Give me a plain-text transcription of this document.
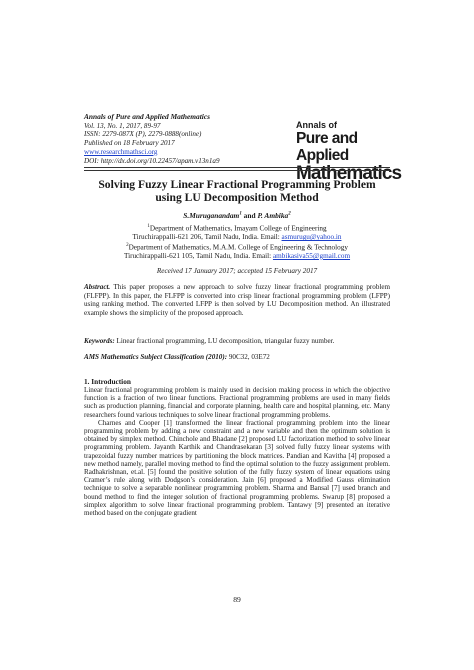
Annals of Pure and Applied Mathematics
Vol. 13, No. 1, 2017, 89-97
ISSN: 2279-087X (P), 2279-0888(online)
Published on 18 February 2017
www.researchmathsci.org
DOI: http://dx.doi.org/10.22457/apam.v13n1a9
Annals of
Pure and Applied
Mathematics
Solving Fuzzy Linear Fractional Programming Problem
using LU Decomposition Method
S.Muruganandam$^1$ and P. Ambika$^2$
$^1$Department of Mathematics, Imayam College of Engineering
Tiruchirappalli-621 206, Tamil Nadu, India. Email: asmurugu@yahoo.in
$^2$Department of Mathematics, M.A.M. College of Engineering & Technology
Tiruchirappalli-621 105, Tamil Nadu, India. Email: ambikasiva55@gmail.com
Received 17 January 2017; accepted 15 February 2017
Abstract. This paper proposes a new approach to solve fuzzy linear fractional programming problem (FLFPP). In this paper, the FLFPP is converted into crisp linear fractional programming problem (LFPP) using ranking method. The converted LFPP is then solved by LU Decomposition method. An illustrated example shows the simplicity of the proposed approach.
Keywords: Linear fractional programming, LU decomposition, triangular fuzzy number.
AMS Mathematics Subject Classification (2010): 90C32, 03E72
1. Introduction

Linear fractional programming problem is mainly used in decision making process in which the objective function is a fraction of two linear functions. Fractional programming problems are used in many fields such as production planning, financial and corporate planning, health care and hospital planning, etc. Many researchers found various techniques to solve linear fractional programming problems.

Charnes and Cooper [1] transformed the linear fractional programming problem into the linear programming problem by adding a new constraint and a new variable and then the optimum solution is obtained by simplex method. Chinchole and Bhadane [2] proposed LU factorization method to solve linear programming problem. Jayanth Karthik and Chandrasekaran [3] solved fully fuzzy linear systems with trapezoidal fuzzy number matrices by partitioning the block matrices. Pandian and Kavitha [4] proposed a new method namely, parallel moving method to find the optimal solution to the fuzzy assignment problem. Radhakrishnan, et.al. [5] found the positive solution of the fully fuzzy system of linear equations using Cramer’s rule along with Dodgson’s consideration. Jain [6] proposed a Modified Gauss elimination technique to solve a separable nonlinear programming problem. Sharma and Bansal [7] used branch and bound method to find the integer solution of fractional programming problems. Swarup [8] proposed a simplex algorithm to solve linear fractional programming problem. Tantawy [9] presented an iterative method based on the conjugate gradient

89
